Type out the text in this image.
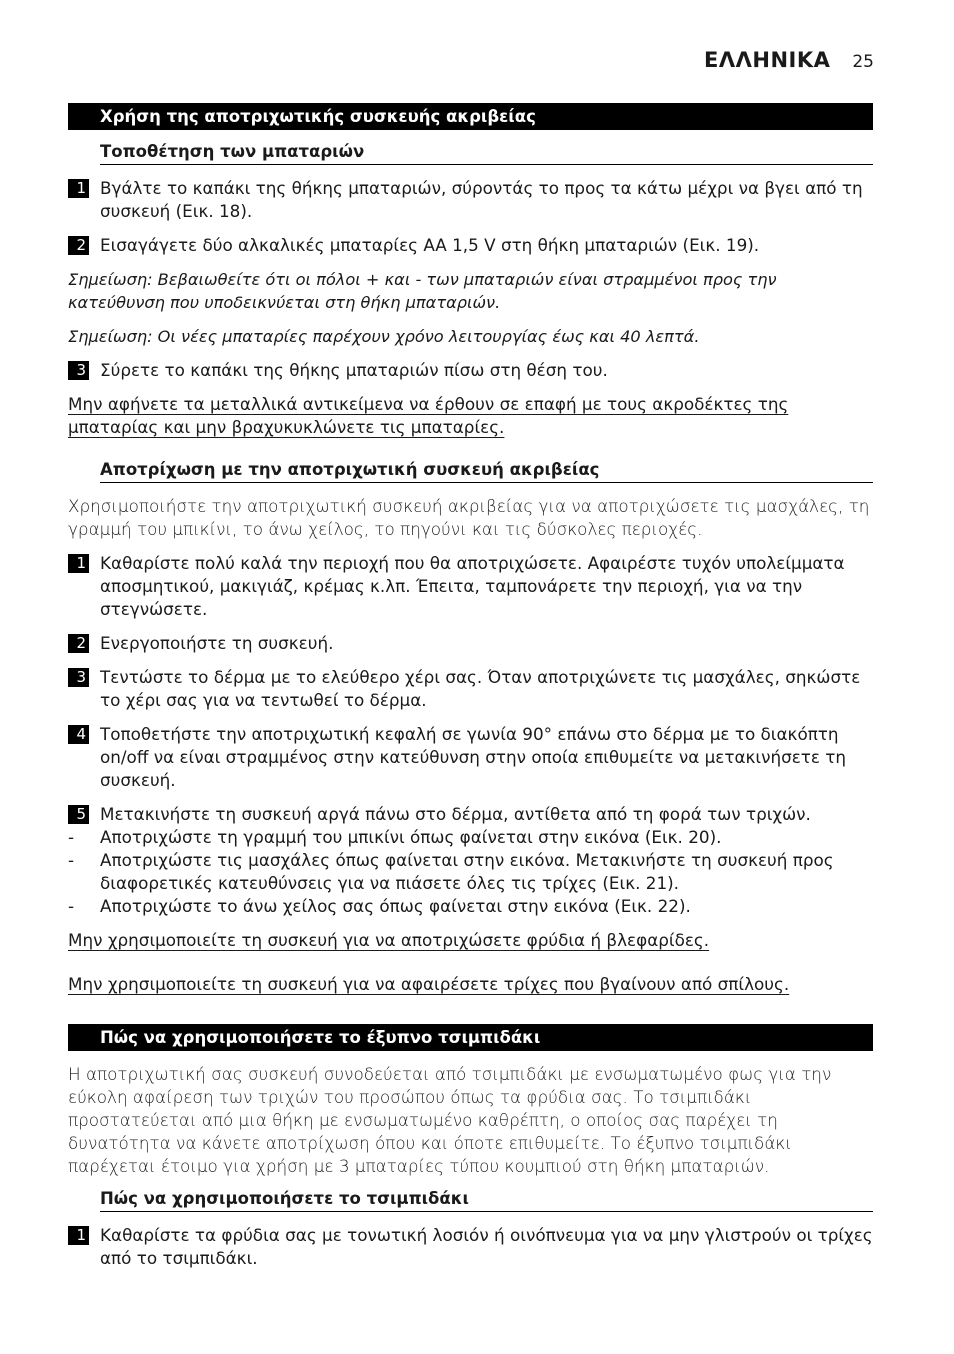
ΕΛΛΗΝΙΚΑ 25
Χρήση της αποτριχωτικής συσκευής ακριβείας
Τοποθέτηση των μπαταριών
1 Βγάλτε το καπάκι της θήκης μπαταριών, σύροντάς το προς τα κάτω μέχρι να βγει από τη συσκευή (Εικ. 18).
2 Εισαγάγετε δύο αλκαλικές μπαταρίες AA 1,5 V στη θήκη μπαταριών (Εικ. 19).
Σημείωση: Βεβαιωθείτε ότι οι πόλοι + και - των μπαταριών είναι στραμμένοι προς την κατεύθυνση που υποδεικνύεται στη θήκη μπαταριών.
Σημείωση: Οι νέες μπαταρίες παρέχουν χρόνο λειτουργίας έως και 40 λεπτά.
3 Σύρετε το καπάκι της θήκης μπαταριών πίσω στη θέση του.
Μην αφήνετε τα μεταλλικά αντικείμενα να έρθουν σε επαφή με τους ακροδέκτες της μπαταρίας και μην βραχυκυκλώνετε τις μπαταρίες.
Αποτρίχωση με την αποτριχωτική συσκευή ακριβείας
Χρησιμοποιήστε την αποτριχωτική συσκευή ακριβείας για να αποτριχώσετε τις μασχάλες, τη γραμμή του μπικίνι, το άνω χείλος, το πηγούνι και τις δύσκολες περιοχές.
1 Καθαρίστε πολύ καλά την περιοχή που θα αποτριχώσετε. Αφαιρέστε τυχόν υπολείμματα αποσμητικού, μακιγιάζ, κρέμας κ.λπ. Έπειτα, ταμπονάρετε την περιοχή, για να την στεγνώσετε.
2 Ενεργοποιήστε τη συσκευή.
3 Τεντώστε το δέρμα με το ελεύθερο χέρι σας. Όταν αποτριχώνετε τις μασχάλες, σηκώστε το χέρι σας για να τεντωθεί το δέρμα.
4 Τοποθετήστε την αποτριχωτική κεφαλή σε γωνία 90° επάνω στο δέρμα με το διακόπτη on/off να είναι στραμμένος στην κατεύθυνση στην οποία επιθυμείτε να μετακινήσετε τη συσκευή.
5 Μετακινήστε τη συσκευή αργά πάνω στο δέρμα, αντίθετα από τη φορά των τριχών.
- Αποτριχώστε τη γραμμή του μπικίνι όπως φαίνεται στην εικόνα (Εικ. 20).
- Αποτριχώστε τις μασχάλες όπως φαίνεται στην εικόνα. Μετακινήστε τη συσκευή προς διαφορετικές κατευθύνσεις για να πιάσετε όλες τις τρίχες (Εικ. 21).
- Αποτριχώστε το άνω χείλος σας όπως φαίνεται στην εικόνα (Εικ. 22).
Μην χρησιμοποιείτε τη συσκευή για να αποτριχώσετε φρύδια ή βλεφαρίδες.
Μην χρησιμοποιείτε τη συσκευή για να αφαιρέσετε τρίχες που βγαίνουν από σπίλους.
Πώς να χρησιμοποιήσετε το έξυπνο τσιμπιδάκι
Η αποτριχωτική σας συσκευή συνοδεύεται από τσιμπιδάκι με ενσωματωμένο φως για την εύκολη αφαίρεση των τριχών του προσώπου όπως τα φρύδια σας. Το τσιμπιδάκι προστατεύεται από μια θήκη με ενσωματωμένο καθρέπτη, ο οποίος σας παρέχει τη δυνατότητα να κάνετε αποτρίχωση όπου και όποτε επιθυμείτε. Το έξυπνο τσιμπιδάκι παρέχεται έτοιμο για χρήση με 3 μπαταρίες τύπου κουμπιού στη θήκη μπαταριών.
Πώς να χρησιμοποιήσετε το τσιμπιδάκι
1 Καθαρίστε τα φρύδια σας με τονωτική λοσιόν ή οινόπνευμα για να μην γλιστρούν οι τρίχες από το τσιμπιδάκι.
